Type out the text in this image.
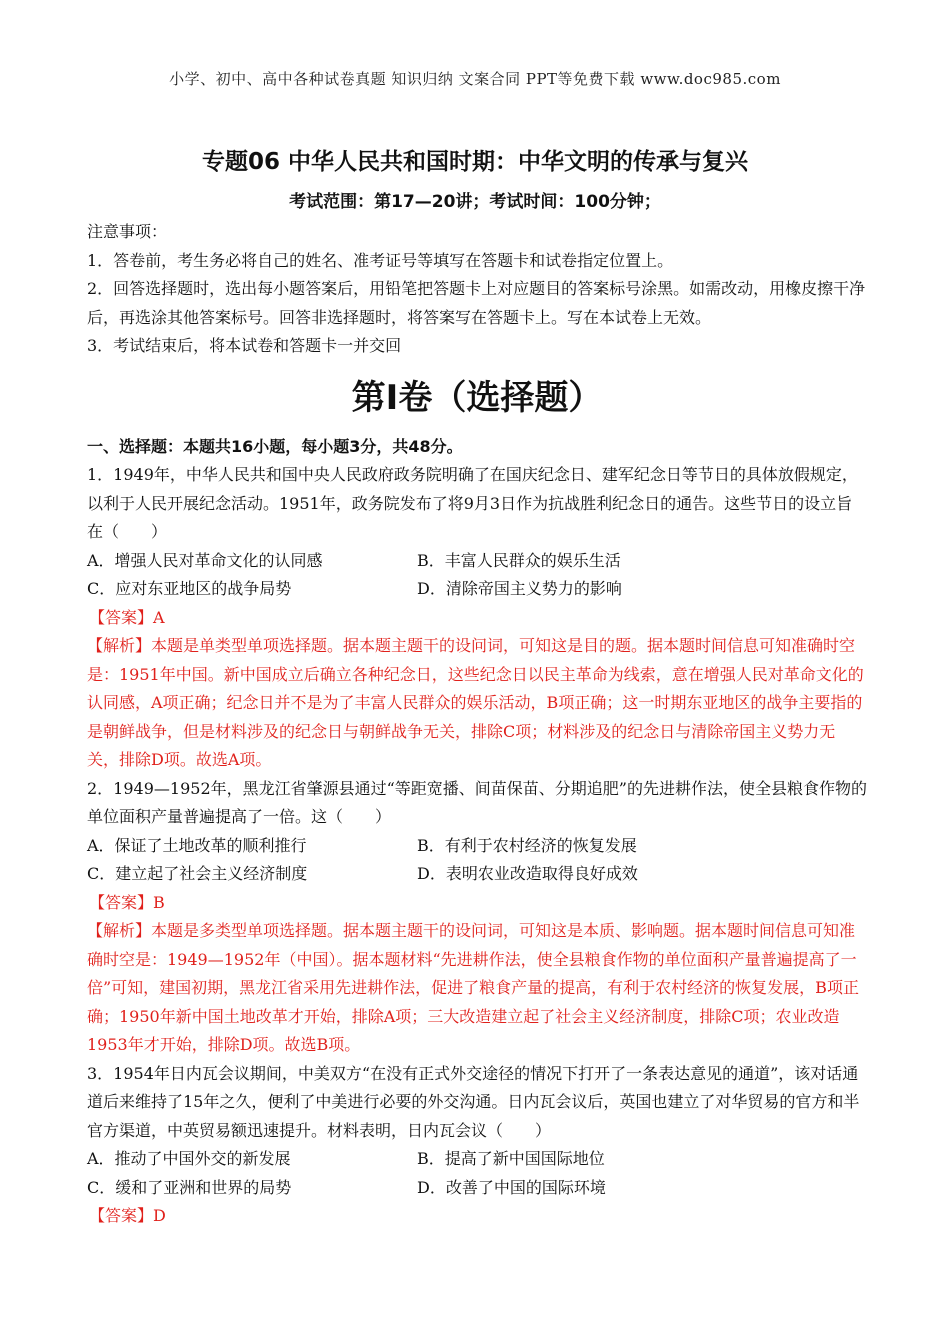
小学、初中、高中各种试卷真题 知识归纳 文案合同 PPT等免费下载 www.doc985.com
专题06 中华人民共和国时期：中华文明的传承与复兴
考试范围：第17—20讲；考试时间：100分钟；

注意事项：

1．答卷前，考生务必将自己的姓名、准考证号等填写在答题卡和试卷指定位置上。

2．回答选择题时，选出每小题答案后，用铅笔把答题卡上对应题目的答案标号涂黑。如需改动，用橡皮擦干净后，再选涂其他答案标号。回答非选择题时，将答案写在答题卡上。写在本试卷上无效。

3．考试结束后，将本试卷和答题卡一并交回

第I卷（选择题）

一、选择题：本题共16小题，每小题3分，共48分。

1．1949年，中华人民共和国中央人民政府政务院明确了在国庆纪念日、建军纪念日等节日的具体放假规定，以利于人民开展纪念活动。1951年，政务院发布了将9月3日作为抗战胜利纪念日的通告。这些节日的设立旨在（　　）

A．增强人民对革命文化的认同感	B．丰富人民群众的娱乐生活
C．应对东亚地区的战争局势	D．清除帝国主义势力的影响

【答案】A

【解析】本题是单类型单项选择题。据本题主题干的设问词，可知这是目的题。据本题时间信息可知准确时空是：1951年中国。新中国成立后确立各种纪念日，这些纪念日以民主革命为线索，意在增强人民对革命文化的认同感，A项正确；纪念日并不是为了丰富人民群众的娱乐活动，B项正确；这一时期东亚地区的战争主要指的是朝鲜战争，但是材料涉及的纪念日与朝鲜战争无关，排除C项；材料涉及的纪念日与清除帝国主义势力无关，排除D项。故选A项。

2．1949—1952年，黑龙江省肇源县通过“等距宽播、间苗保苗、分期追肥”的先进耕作法，使全县粮食作物的单位面积产量普遍提高了一倍。这（　　）

A．保证了土地改革的顺利推行	B．有利于农村经济的恢复发展
C．建立起了社会主义经济制度	D．表明农业改造取得良好成效

【答案】B

【解析】本题是多类型单项选择题。据本题主题干的设问词，可知这是本质、影响题。据本题时间信息可知准确时空是：1949—1952年（中国）。据本题材料“先进耕作法，使全县粮食作物的单位面积产量普遍提高了一倍”可知，建国初期，黑龙江省采用先进耕作法，促进了粮食产量的提高，有利于农村经济的恢复发展，B项正确；1950年新中国土地改革才开始，排除A项；三大改造建立起了社会主义经济制度，排除C项；农业改造1953年才开始，排除D项。故选B项。

3．1954年日内瓦会议期间，中美双方“在没有正式外交途径的情况下打开了一条表达意见的通道”，该对话通道后来维持了15年之久，便利了中美进行必要的外交沟通。日内瓦会议后，英国也建立了对华贸易的官方和半官方渠道，中英贸易额迅速提升。材料表明，日内瓦会议（　　）

A．推动了中国外交的新发展	B．提高了新中国国际地位
C．缓和了亚洲和世界的局势	D．改善了中国的国际环境

【答案】D
